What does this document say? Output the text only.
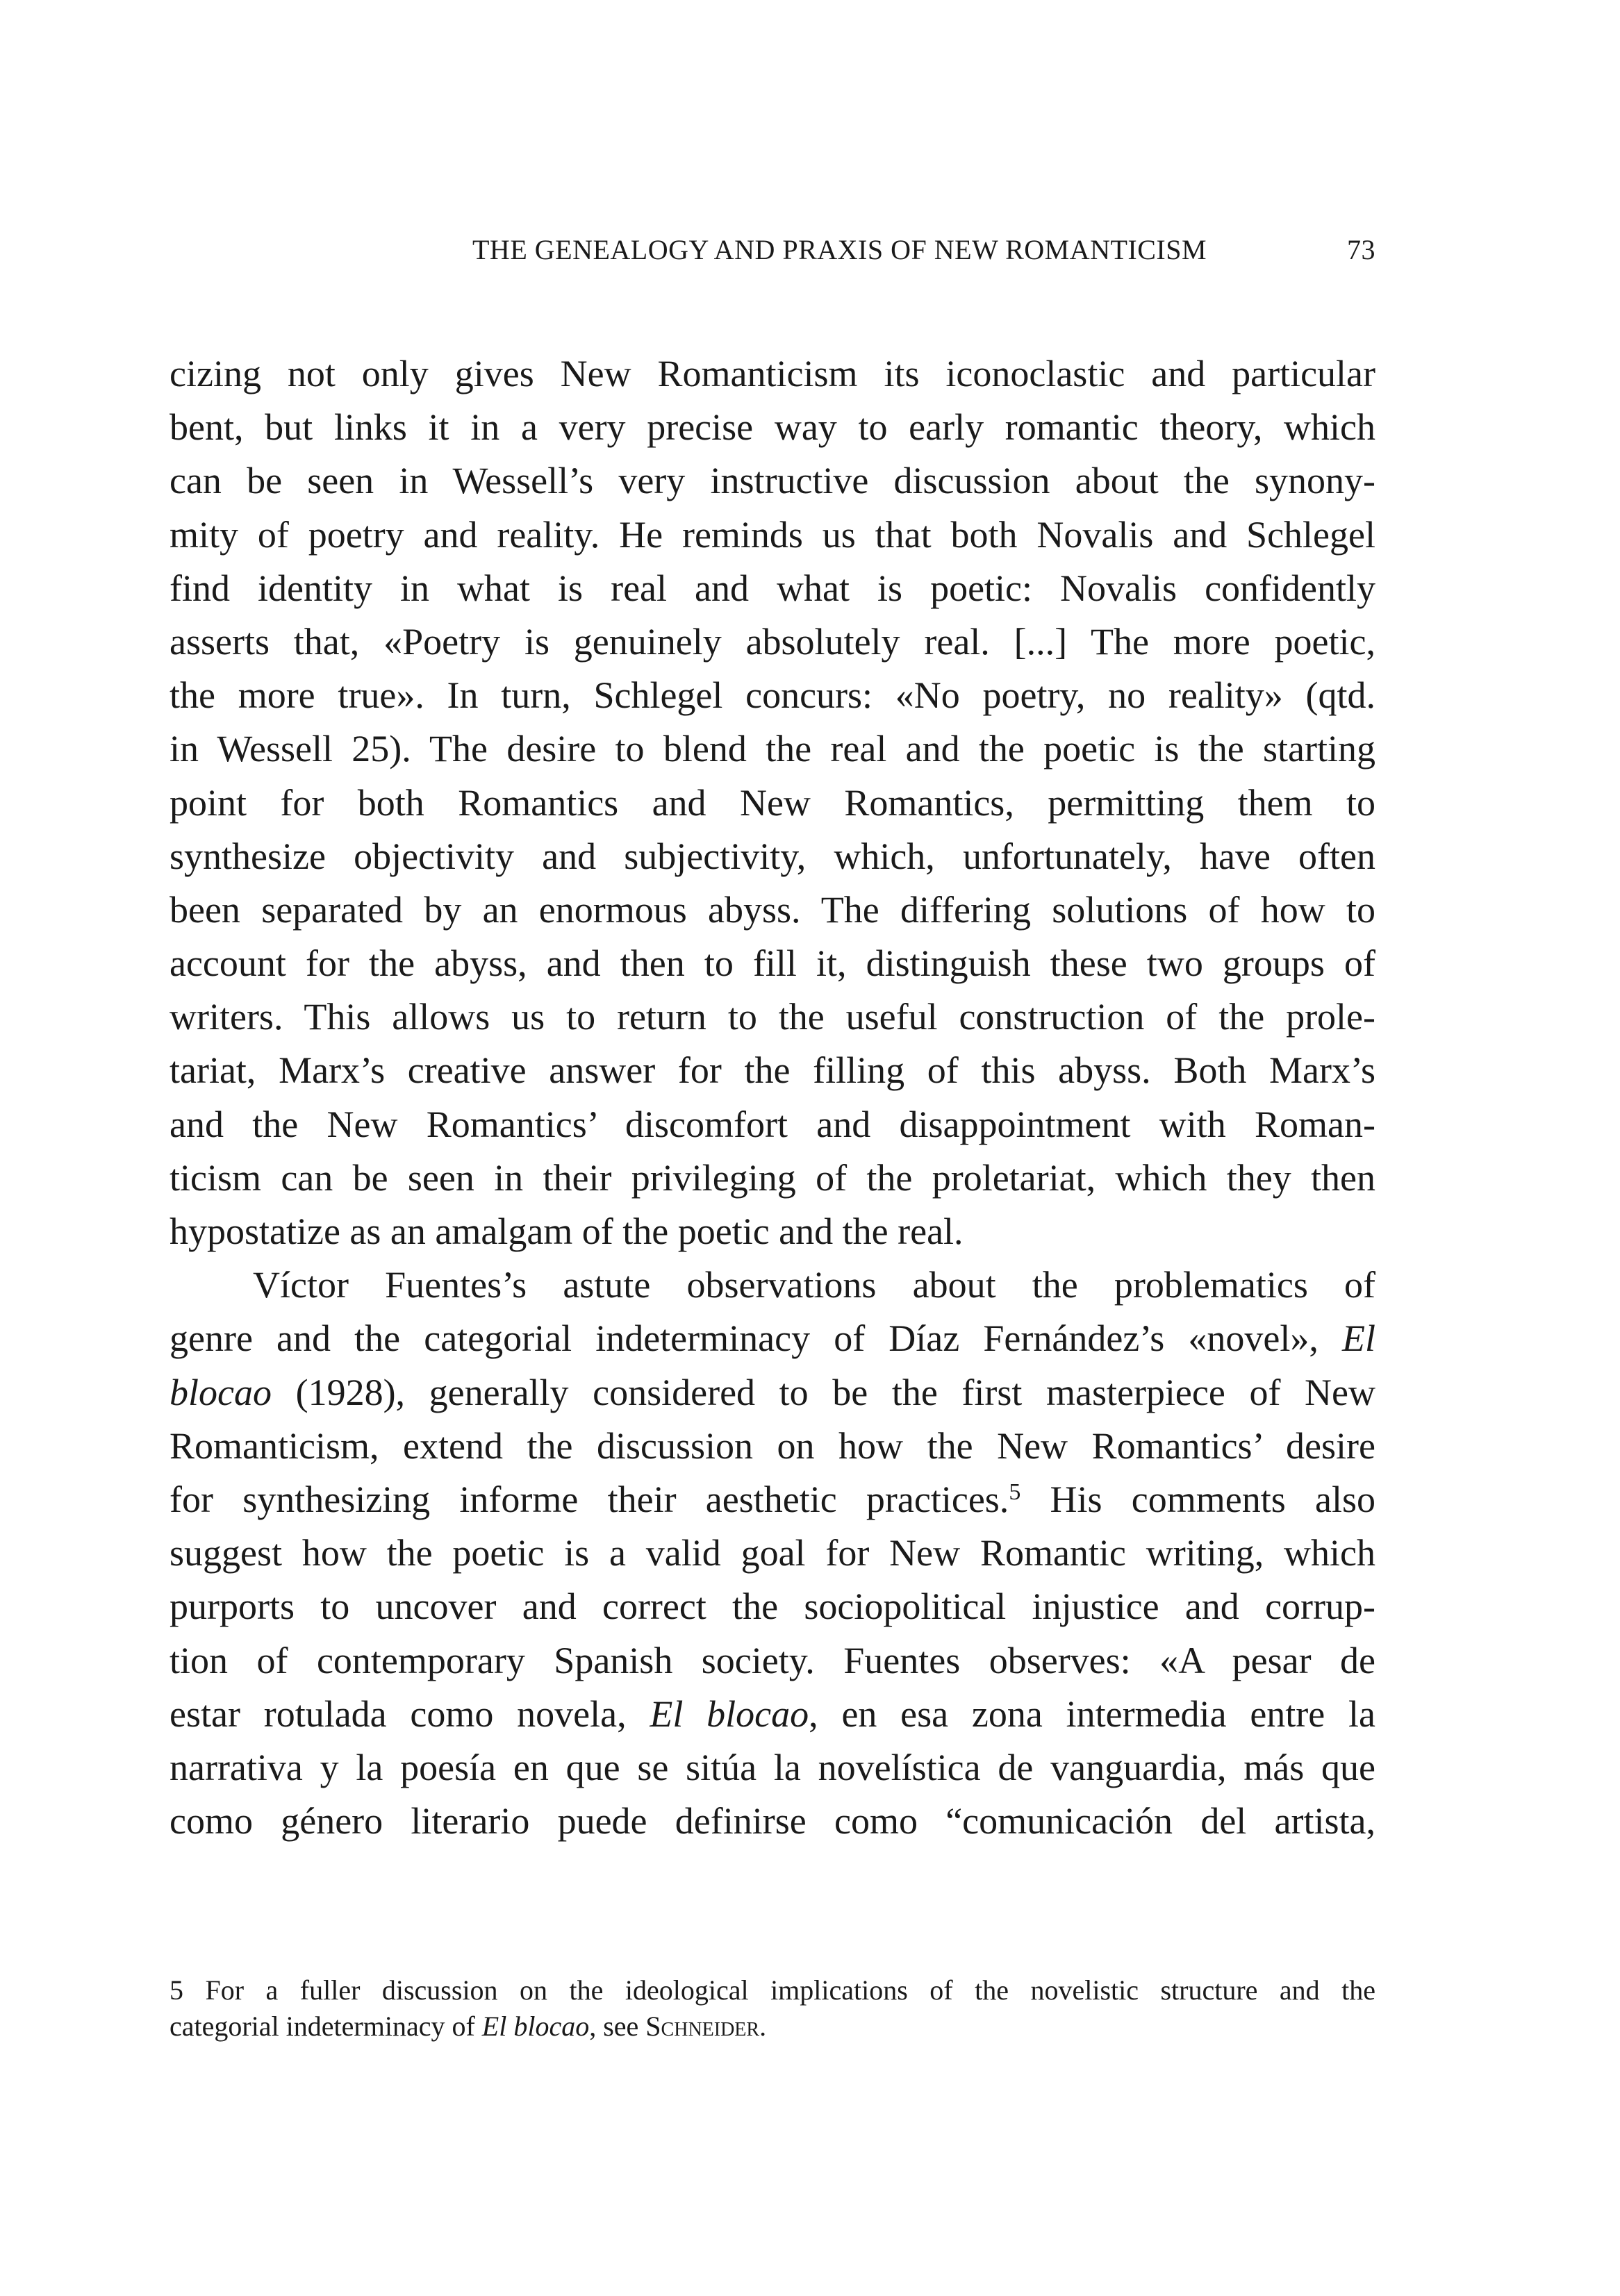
THE GENEALOGY AND PRAXIS OF NEW ROMANTICISM	73
cizing not only gives New Romanticism its iconoclastic and particular
bent, but links it in a very precise way to early romantic theory, which
can be seen in Wessell’s very instructive discussion about the synony-
mity of poetry and reality. He reminds us that both Novalis and Schlegel
find identity in what is real and what is poetic: Novalis confidently
asserts that, «Poetry is genuinely absolutely real. [...] The more poetic,
the more true». In turn, Schlegel concurs: «No poetry, no reality» (qtd.
in Wessell 25). The desire to blend the real and the poetic is the starting
point for both Romantics and New Romantics, permitting them to
synthesize objectivity and subjectivity, which, unfortunately, have often
been separated by an enormous abyss. The differing solutions of how to
account for the abyss, and then to fill it, distinguish these two groups of
writers. This allows us to return to the useful construction of the prole-
tariat, Marx’s creative answer for the filling of this abyss. Both Marx’s
and the New Romantics’ discomfort and disappointment with Roman-
ticism can be seen in their privileging of the proletariat, which they then
hypostatize as an amalgam of the poetic and the real.
Víctor Fuentes’s astute observations about the problematics of
genre and the categorial indeterminacy of Díaz Fernández’s «novel», El
blocao (1928), generally considered to be the first masterpiece of New
Romanticism, extend the discussion on how the New Romantics’ desire
for synthesizing informe their aesthetic practices.$^5$ His comments also
suggest how the poetic is a valid goal for New Romantic writing, which
purports to uncover and correct the sociopolitical injustice and corrup-
tion of contemporary Spanish society. Fuentes observes: «A pesar de
estar rotulada como novela, El blocao, en esa zona intermedia entre la
narrativa y la poesía en que se sitúa la novelística de vanguardia, más que
como género literario puede definirse como “comunicación del artista,
5 For a fuller discussion on the ideological implications of the novelistic structure and the
categorial indeterminacy of El blocao, see Schneider.
